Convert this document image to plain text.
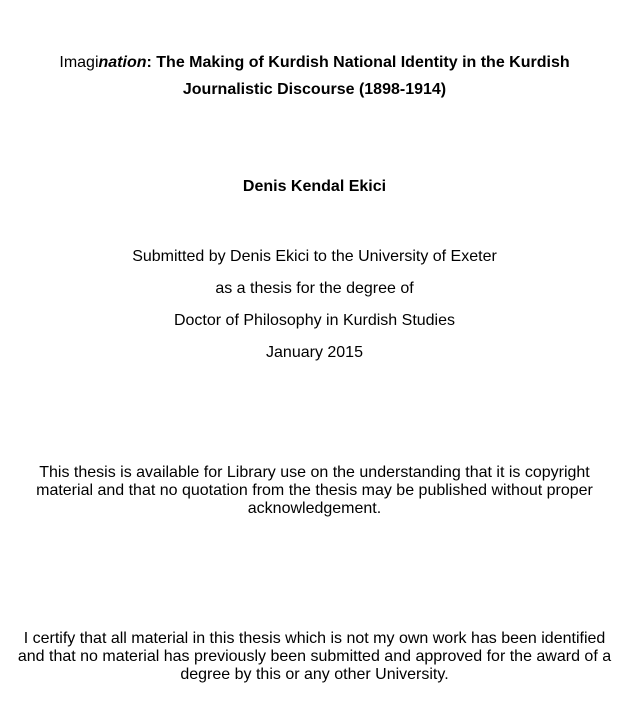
Imagination: The Making of Kurdish National Identity in the Kurdish Journalistic Discourse (1898-1914)
Denis Kendal Ekici
Submitted by Denis Ekici to the University of Exeter
as a thesis for the degree of
Doctor of Philosophy in Kurdish Studies
January 2015
This thesis is available for Library use on the understanding that it is copyright material and that no quotation from the thesis may be published without proper acknowledgement.
I certify that all material in this thesis which is not my own work has been identified and that no material has previously been submitted and approved for the award of a degree by this or any other University.
